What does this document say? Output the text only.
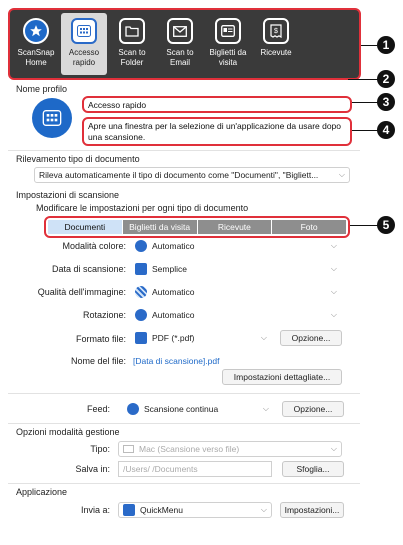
ScanSnap
Home
Accesso
rapido
Scan to
Folder
Scan to
Email
Biglietti da
visita
$
Ricevute
1
2
3
4
5
Nome profilo
Accesso rapido
Apre una finestra per la selezione di un'applicazione da usare dopo una scansione.
Rilevamento tipo di documento
Rileva automaticamente il tipo di documento come "Documenti", "Bigliett...	⌵
Impostazioni di scansione
Modificare le impostazioni per ogni tipo di documento
Documenti	Biglietti da visita	Ricevute	Foto
Modalità colore:	Automatico	⌵
Data di scansione:	Semplice	⌵
Qualità dell'immagine:	Automatico	⌵
Rotazione:	Automatico	⌵
Formato file:	PDF (*.pdf)	⌵	Opzione...
Nome del file: [Data di scansione].pdf
Impostazioni dettagliate...
Feed:	Scansione continua	⌵	Opzione...
Opzioni modalità gestione
Tipo:	Mac (Scansione verso file)	⌵
Salva in:	/Users/ /Documents	Sfoglia...
Applicazione
Invia a:	QuickMenu	⌵	Impostazioni...
